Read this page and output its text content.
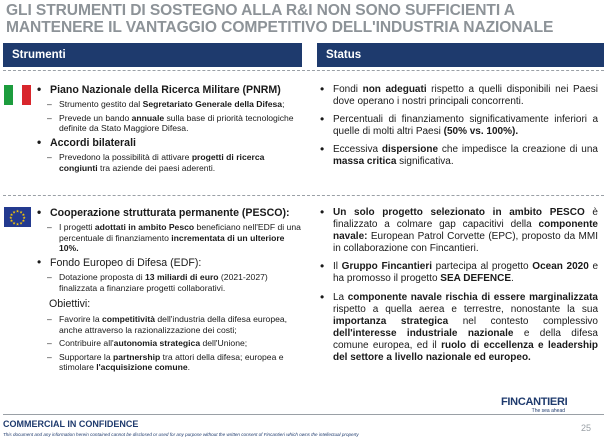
GLI STRUMENTI DI SOSTEGNO ALLA R&I NON SONO SUFFICIENTI A MANTENERE IL VANTAGGIO COMPETITIVO DELL'INDUSTRIA NAZIONALE
Strumenti	Status
• Piano Nazionale della Ricerca Militare (PNRM)
– Strumento gestito dal Segretariato Generale della Difesa;
– Prevede un bando annuale sulla base di priorità tecnologiche definite da Stato Maggiore Difesa.
• Accordi bilaterali
– Prevedono la possibilità di attivare progetti di ricerca congiunti tra aziende dei paesi aderenti.
• Fondi non adeguati rispetto a quelli disponibili nei Paesi dove operano i nostri principali concorrenti.
• Percentuali di finanziamento significativamente inferiori a quelle di molti altri Paesi (50% vs. 100%).
• Eccessiva dispersione che impedisce la creazione di una massa critica significativa.
★ ★
★
★
★
★
★
★
★
★
★
★
•	Cooperazione strutturata permanente (PESCO):
– I progetti adottati in ambito Pesco beneficiano nell'EDF di una percentuale di finanziamento incrementata di un ulteriore 10%.
• Fondo Europeo di Difesa (EDF):
– Dotazione proposta di 13 miliardi di euro (2021-2027) finalizzata a finanziare progetti collaborativi.
Obiettivi:
– Favorire la competitività dell'industria della difesa europea, anche attraverso la razionalizzazione dei costi;
– Contribuire all'autonomia strategica dell'Unione;
– Supportare la partnership tra attori della difesa; europea e stimolare l'acquisizione comune.
• Un solo progetto selezionato in ambito PESCO è finalizzato a colmare gap capacitivi della componente navale: European Patrol Corvette (EPC), proposto da MMI in collaborazione con Fincantieri.
• Il Gruppo Fincantieri partecipa al progetto Ocean 2020 e ha promosso il progetto SEA DEFENCE.
• La componente navale rischia di essere marginalizzata rispetto a quella aerea e terrestre, nonostante la sua importanza strategica nel contesto complessivo dell'interesse industriale nazionale e della difesa comune europea, ed il ruolo di eccellenza e leadership del settore a livello nazionale ed europeo.
FINCANTIERI
The sea ahead
COMMERCIAL IN CONFIDENCE
This document and any information herein contained cannot be disclosed or used for any purpose without the written consent of Fincantieri which owns the intellectual property
25
